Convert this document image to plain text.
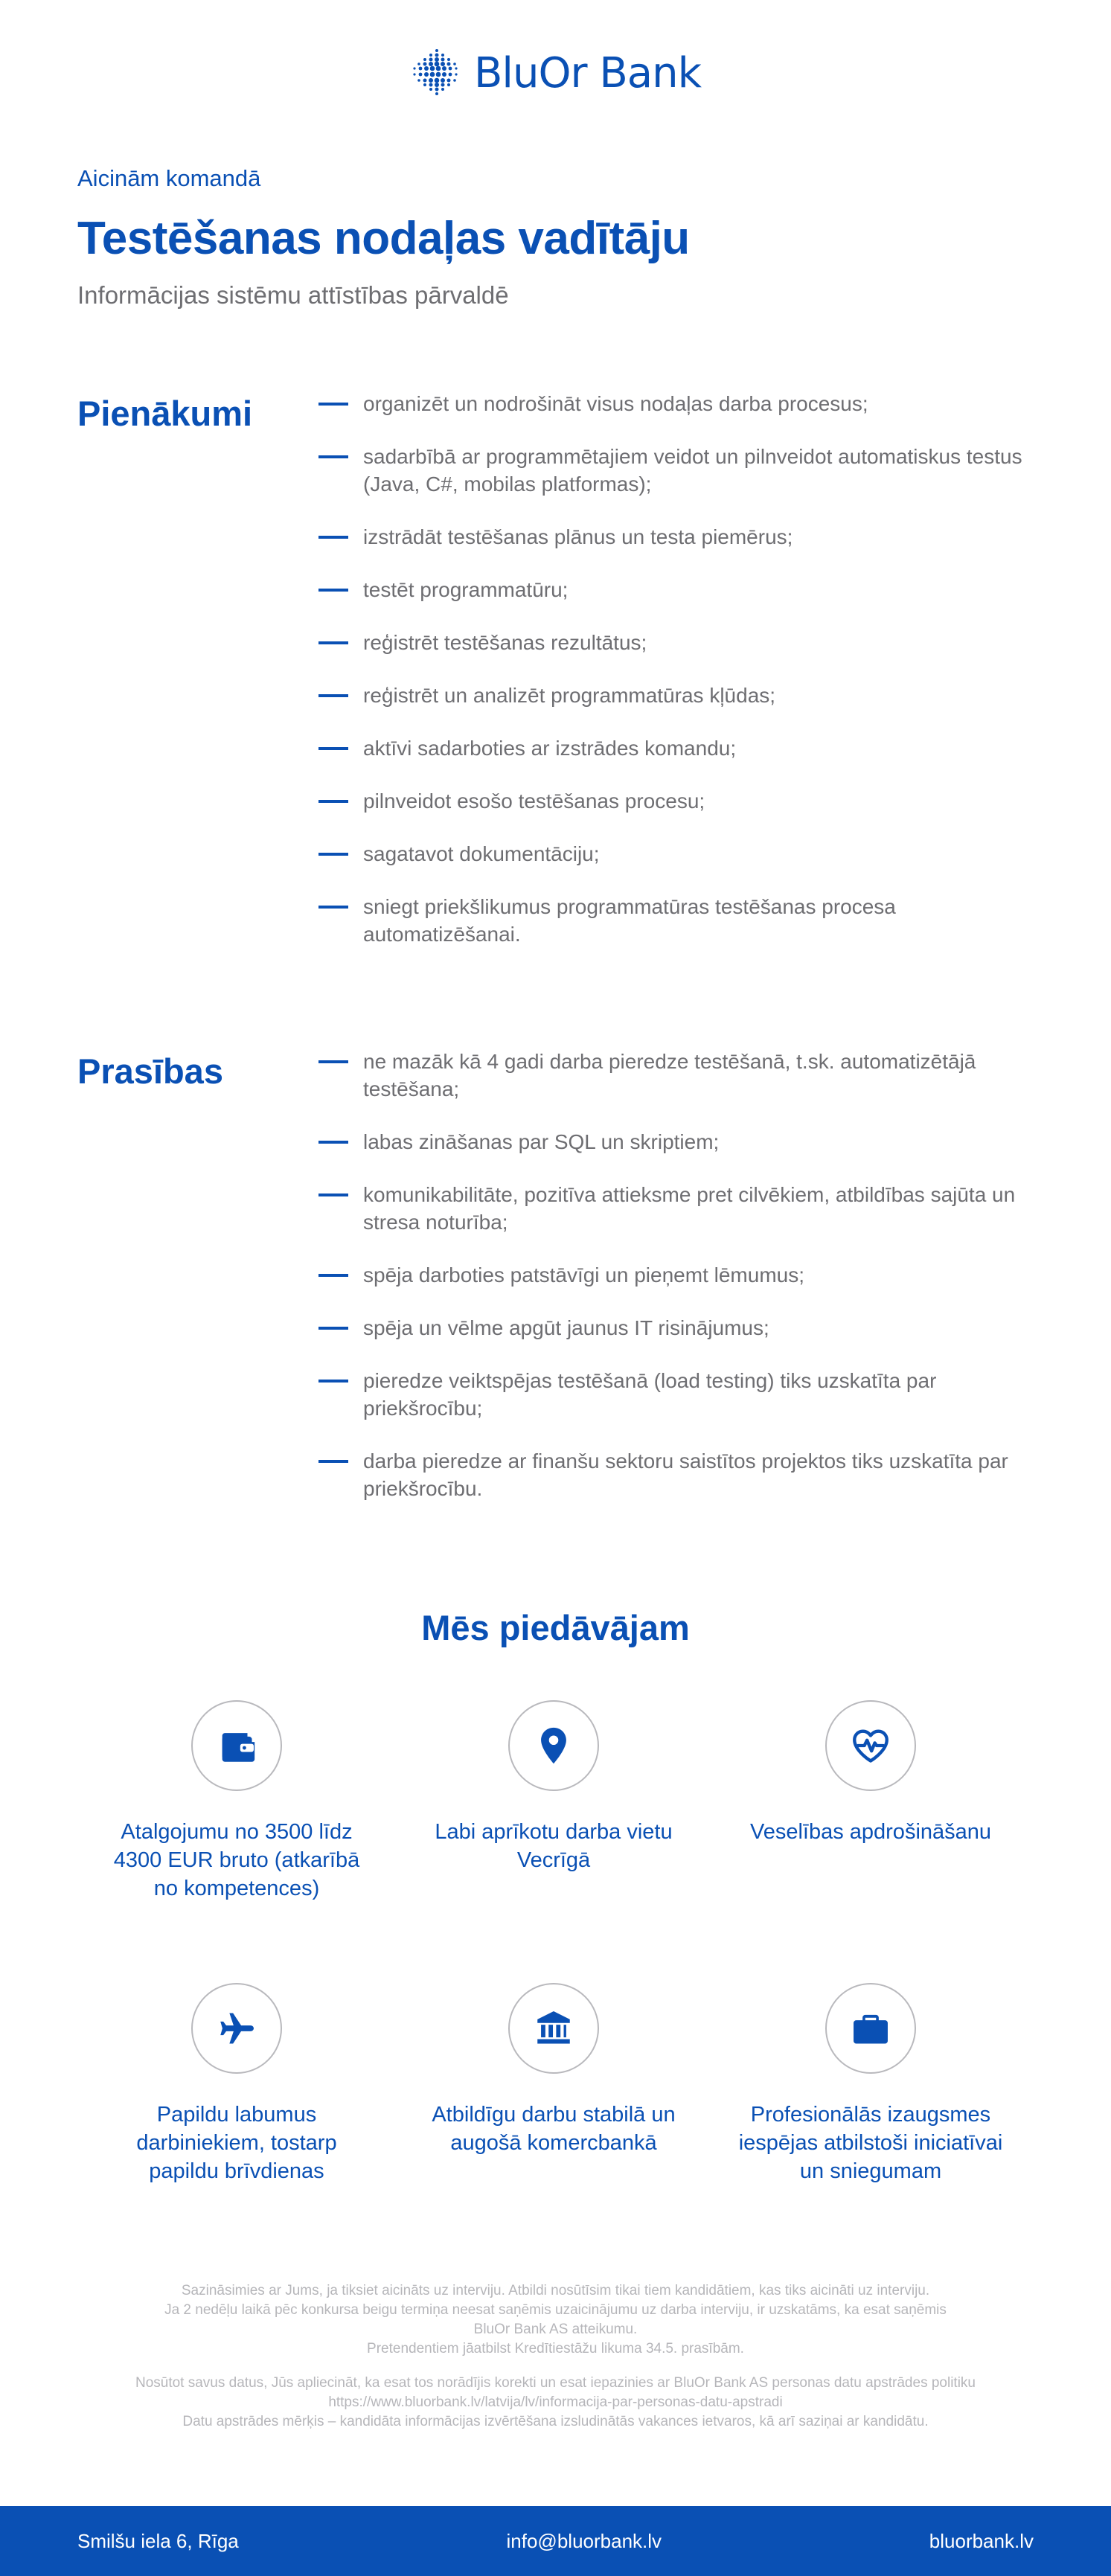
BluOr Bank
Aicinām komandā
Testēšanas nodaļas vadītāju
Informācijas sistēmu attīstības pārvaldē
Pienākumi	organizēt un nodrošināt visus nodaļas darba procesus;
sadarbībā ar programmētajiem veidot un pilnveidot automatiskus testus (Java, C#, mobilas platformas);
izstrādāt testēšanas plānus un testa piemērus;
testēt programmatūru;
reģistrēt testēšanas rezultātus;
reģistrēt un analizēt programmatūras kļūdas;
aktīvi sadarboties ar izstrādes komandu;
pilnveidot esošo testēšanas procesu;
sagatavot dokumentāciju;
sniegt priekšlikumus programmatūras testēšanas procesa automatizēšanai.
Prasības	ne mazāk kā 4 gadi darba pieredze testēšanā, t.sk. automatizētājā testēšana;
labas zināšanas par SQL un skriptiem;
komunikabilitāte, pozitīva attieksme pret cilvēkiem, atbildības sajūta un stresa noturība;
spēja darboties patstāvīgi un pieņemt lēmumus;
spēja un vēlme apgūt jaunus IT risinājumus;
pieredze veiktspējas testēšanā (load testing) tiks uzskatīta par priekšrocību;
darba pieredze ar finanšu sektoru saistītos projektos tiks uzskatīta par priekšrocību.
Mēs piedāvājam
Atalgojumu no 3500 līdz 4300 EUR bruto (atkarībā no kompetences)
Labi aprīkotu darba vietu Vecrīgā
Veselības apdrošināšanu
Papildu labumus darbiniekiem, tostarp papildu brīvdienas
Atbildīgu darbu stabilā un augošā komercbankā
Profesionālās izaugsmes iespējas atbilstoši iniciatīvai un sniegumam
Sazināsimies ar Jums, ja tiksiet aicināts uz interviju. Atbildi nosūtīsim tikai tiem kandidātiem, kas tiks aicināti uz interviju.
Ja 2 nedēļu laikā pēc konkursa beigu termiņa neesat saņēmis uzaicinājumu uz darba interviju, ir uzskatāms, ka esat saņēmis
BluOr Bank AS atteikumu.
Pretendentiem jāatbilst Kredītiestāžu likuma 34.5. prasībām.
Nosūtot savus datus, Jūs apliecināt, ka esat tos norādījis korekti un esat iepazinies ar BluOr Bank AS personas datu apstrādes politiku
https://www.bluorbank.lv/latvija/lv/informacija-par-personas-datu-apstradi
Datu apstrādes mērķis – kandidāta informācijas izvērtēšana izsludinātās vakances ietvaros, kā arī saziņai ar kandidātu.
Smilšu iela 6, Rīga	info@bluorbank.lv	bluorbank.lv
